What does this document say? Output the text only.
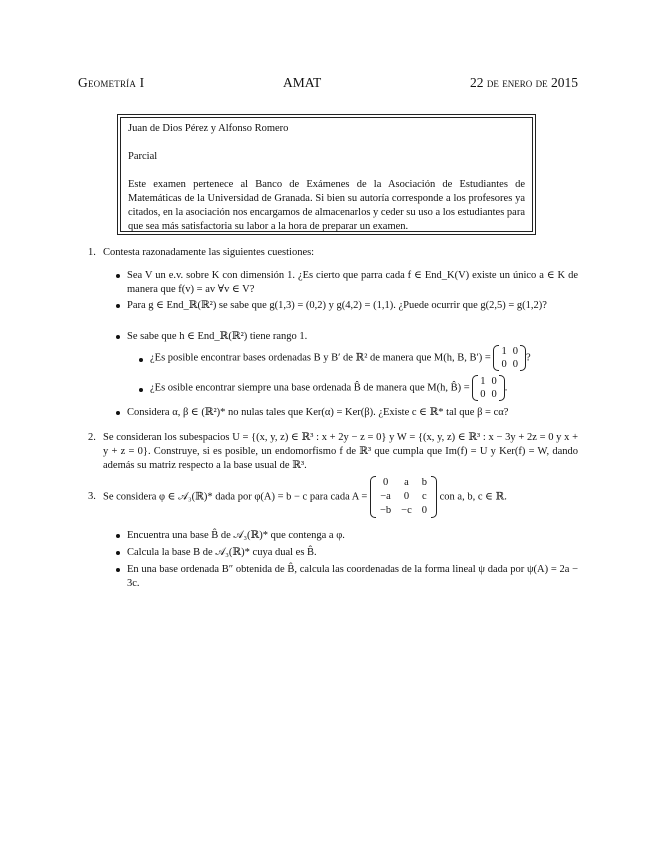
Geometría I	AMAT	22 de enero de 2015

Juan de Dios Pérez y Alfonso Romero

Parcial

Este examen pertenece al Banco de Exámenes de la Asociación de Estudiantes de Matemáticas de la Universidad de Granada. Si bien su autoría corresponde a los profesores ya citados, en la asociación nos encargamos de almacenarlos y ceder su uso a los estudiantes para que sea más satisfactoria su labor a la hora de preparar un examen.

1. Contesta razonadamente las siguientes cuestiones:
Sea V un e.v. sobre K con dimensión 1. ¿Es cierto que parra cada f ∈ End_K(V) existe un único a ∈ K de manera que f(v) = av ∀v ∈ V?
Para g ∈ End_ℝ(ℝ²) se sabe que g(1,3) = (0,2) y g(4,2) = (1,1). ¿Puede ocurrir que g(2,5) = g(1,2)?
Se sabe que h ∈ End_ℝ(ℝ²) tiene rango 1.
¿Es posible encontrar bases ordenadas B y B′ de ℝ² de manera que M(h, B, B′) =
1	0
0	0
?
¿Es osible encontrar siempre una base ordenada B̂ de manera que M(h, B̂) =
1	0
0	0
.
Considera α, β ∈ (ℝ²)* no nulas tales que Ker(α) = Ker(β). ¿Existe c ∈ ℝ* tal que β = cα?
2. Se consideran los subespacios U = {(x, y, z) ∈ ℝ³ : x + 2y − z = 0} y W = {(x, y, z) ∈ ℝ³ : x − 3y + 2z = 0 y x + y + z = 0}. Construye, si es posible, un endomorfismo f de ℝ³ que cumpla que Im(f) = U y Ker(f) = W, dando además su matriz respecto a la base usual de ℝ³.
3. Se considera φ ∈ 𝒜₃(ℝ)* dada por φ(A) = b − c para cada A =
0	a	b
−a	0	c
−b	−c	0
con a, b, c ∈ ℝ.
Encuentra una base B̂ de 𝒜₃(ℝ)* que contenga a φ.
Calcula la base B de 𝒜₃(ℝ)* cuya dual es B̂.
En una base ordenada B″ obtenida de B̂, calcula las coordenadas de la forma lineal ψ dada por ψ(A) = 2a − 3c.
